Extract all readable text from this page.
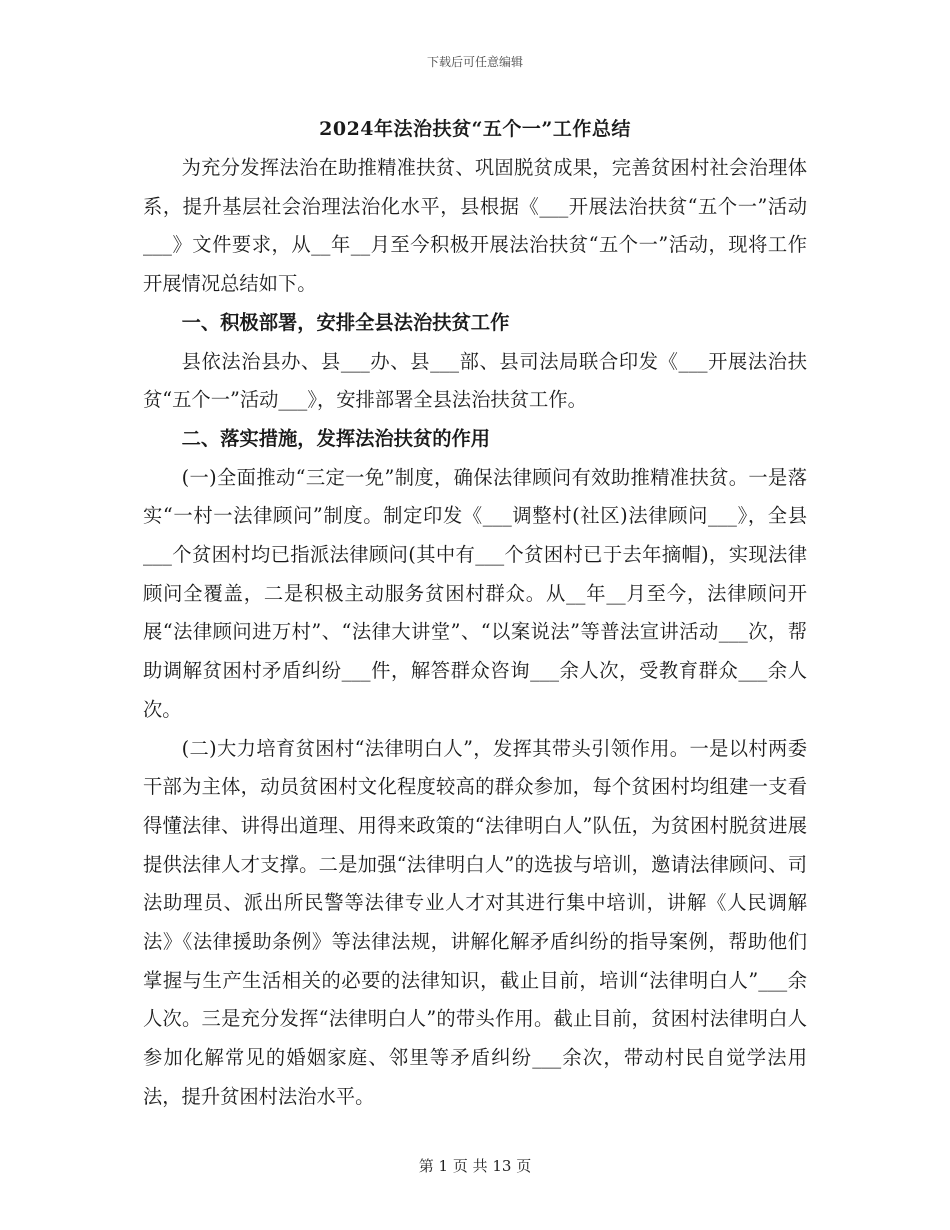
下载后可任意编辑
2024年法治扶贫“五个一”工作总结

为充分发挥法治在助推精准扶贫、巩固脱贫成果，完善贫困村社会治理体系，提升基层社会治理法治化水平，县根据《___开展法治扶贫“五个一”活动___》文件要求，从__年__月至今积极开展法治扶贫“五个一”活动，现将工作开展情况总结如下。

一、积极部署，安排全县法治扶贫工作

县依法治县办、县___办、县___部、县司法局联合印发《___开展法治扶贫“五个一”活动___》，安排部署全县法治扶贫工作。

二、落实措施，发挥法治扶贫的作用

(一)全面推动“三定一免”制度，确保法律顾问有效助推精准扶贫。一是落实“一村一法律顾问”制度。制定印发《___调整村(社区)法律顾问___》，全县___个贫困村均已指派法律顾问(其中有___个贫困村已于去年摘帽)，实现法律顾问全覆盖，二是积极主动服务贫困村群众。从__年__月至今，法律顾问开展“法律顾问进万村”、“法律大讲堂”、“以案说法”等普法宣讲活动___次，帮助调解贫困村矛盾纠纷___件，解答群众咨询___余人次，受教育群众___余人次。

(二)大力培育贫困村“法律明白人”，发挥其带头引领作用。一是以村两委干部为主体，动员贫困村文化程度较高的群众参加，每个贫困村均组建一支看得懂法律、讲得出道理、用得来政策的“法律明白人”队伍，为贫困村脱贫进展提供法律人才支撑。二是加强“法律明白人”的选拔与培训，邀请法律顾问、司法助理员、派出所民警等法律专业人才对其进行集中培训，讲解《人民调解法》《法律援助条例》等法律法规，讲解化解矛盾纠纷的指导案例，帮助他们掌握与生产生活相关的必要的法律知识，截止目前，培训“法律明白人”___余人次。三是充分发挥“法律明白人”的带头作用。截止目前，贫困村法律明白人参加化解常见的婚姻家庭、邻里等矛盾纠纷___余次，带动村民自觉学法用法，提升贫困村法治水平。

第 1 页 共 13 页
